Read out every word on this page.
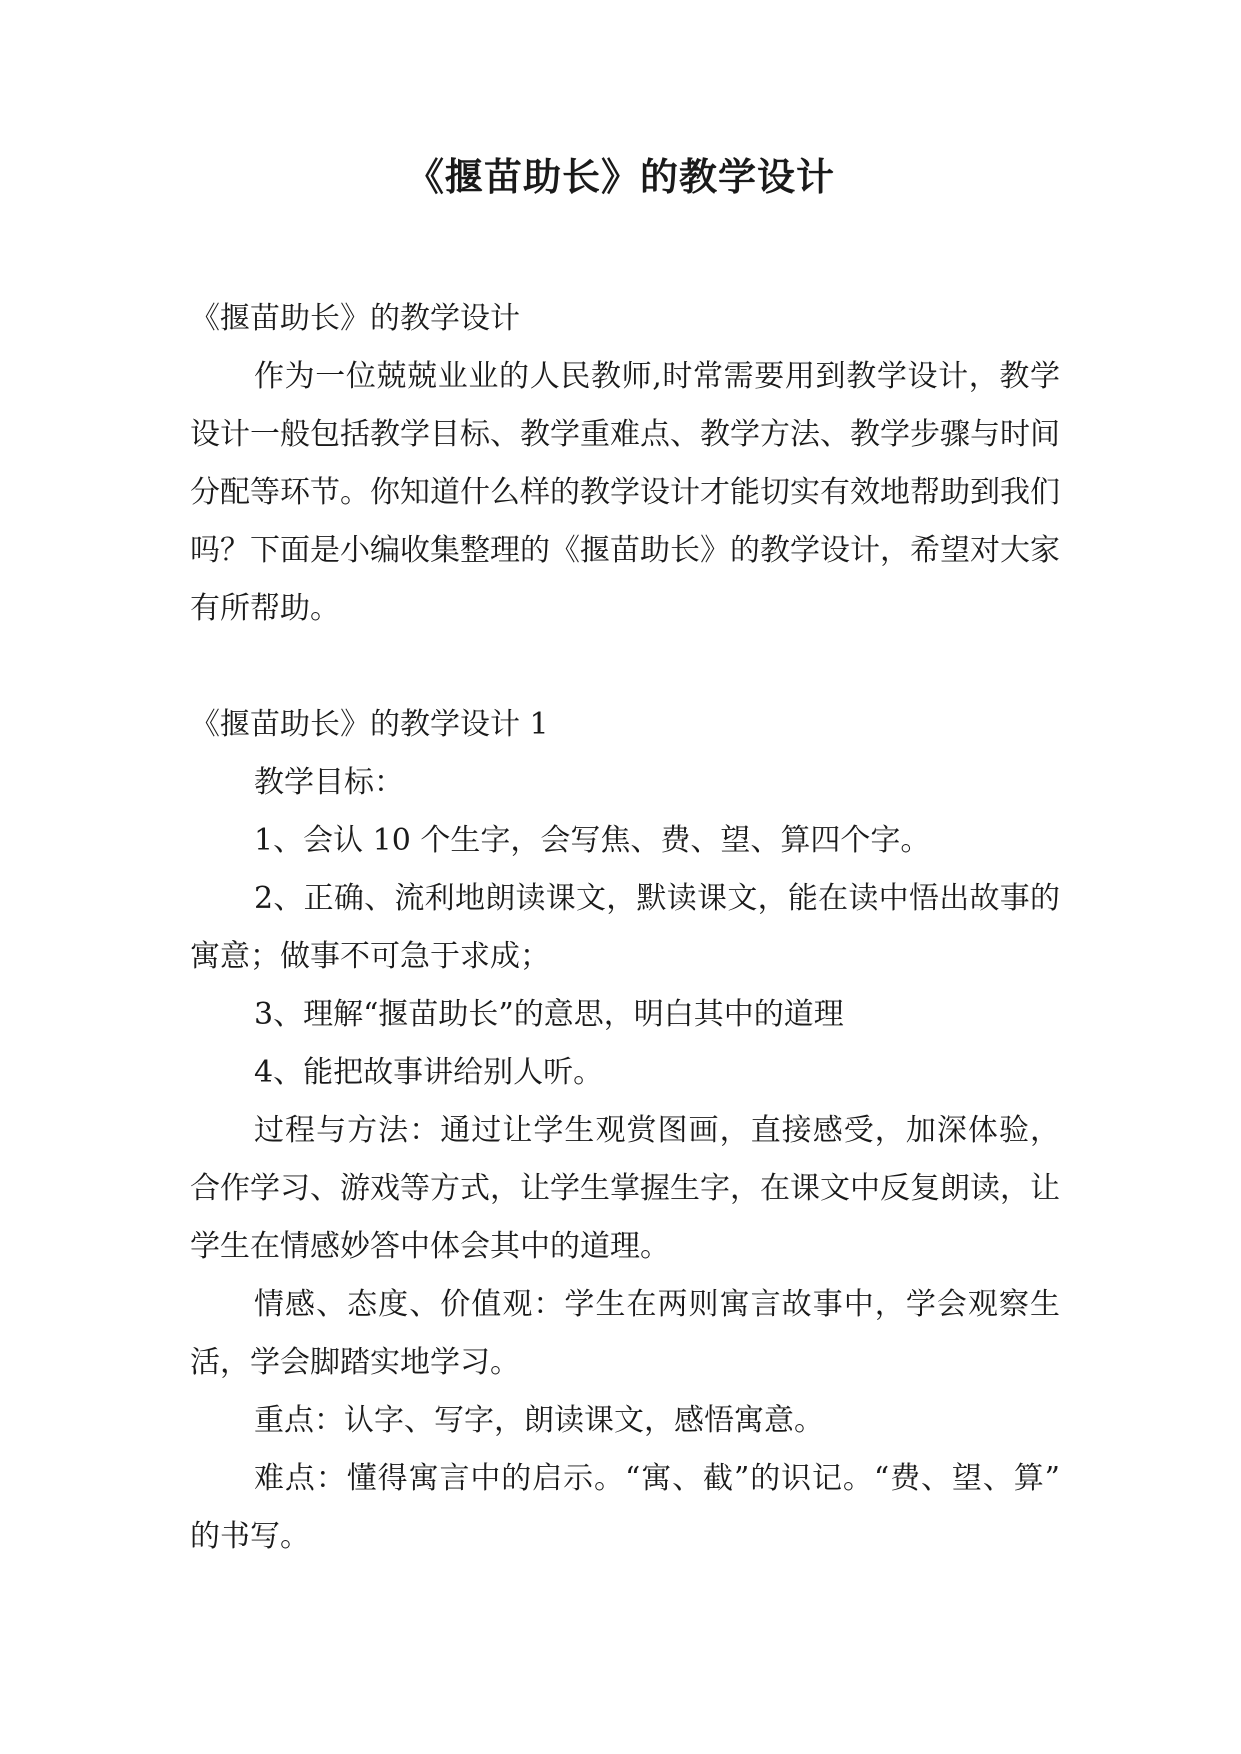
《揠苗助长》的教学设计

《揠苗助长》的教学设计

作为一位兢兢业业的人民教师,时常需要用到教学设计，教学设计一般包括教学目标、教学重难点、教学方法、教学步骤与时间分配等环节。你知道什么样的教学设计才能切实有效地帮助到我们吗？下面是小编收集整理的《揠苗助长》的教学设计，希望对大家有所帮助。

《揠苗助长》的教学设计 1

教学目标：

1、会认 10 个生字，会写焦、费、望、算四个字。

2、正确、流利地朗读课文，默读课文，能在读中悟出故事的寓意；做事不可急于求成；

3、理解“揠苗助长”的意思，明白其中的道理

4、能把故事讲给别人听。

过程与方法：通过让学生观赏图画，直接感受，加深体验，合作学习、游戏等方式，让学生掌握生字，在课文中反复朗读，让学生在情感妙答中体会其中的道理。

情感、态度、价值观：学生在两则寓言故事中，学会观察生活，学会脚踏实地学习。

重点：认字、写字，朗读课文，感悟寓意。

难点：懂得寓言中的启示。“寓、截”的识记。“费、望、算”的书写。
